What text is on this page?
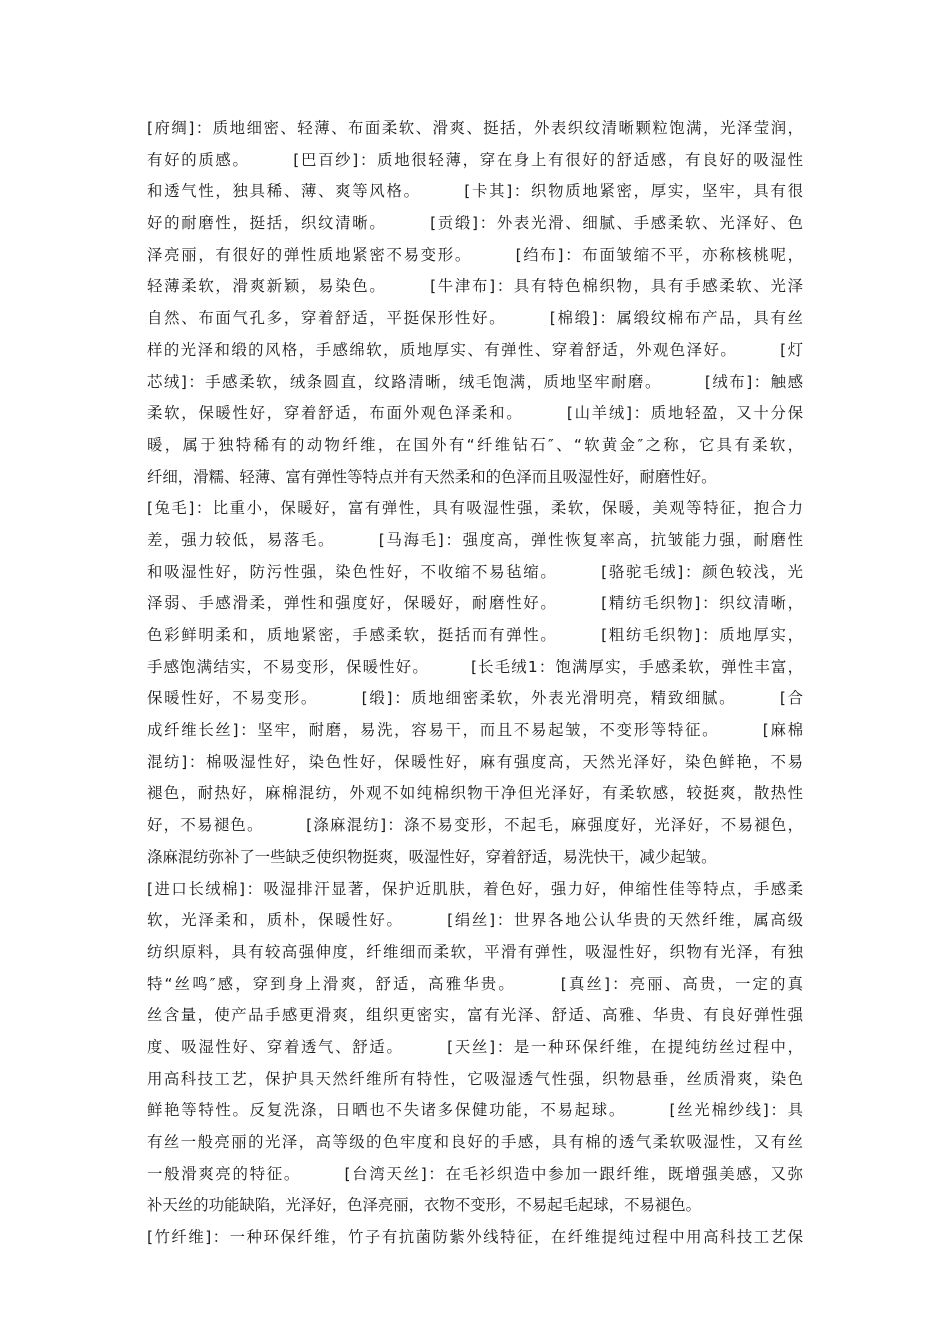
[府绸]：质地细密、轻薄、布面柔软、滑爽、挺括，外表织纹清晰颗粒饱满，光泽莹润，
有好的质感。　　　[巴百纱]：质地很轻薄，穿在身上有很好的舒适感，有良好的吸湿性
和透气性，独具稀、薄、爽等风格。　　　[卡其]：织物质地紧密，厚实，坚牢，具有很
好的耐磨性，挺括，织纹清晰。　　　[贡缎]：外表光滑、细腻、手感柔软、光泽好、色
泽亮丽，有很好的弹性质地紧密不易变形。　　　[绉布]：布面皱缩不平，亦称核桃呢，
轻薄柔软，滑爽新颖，易染色。　　　[牛津布]：具有特色棉织物，具有手感柔软、光泽
自然、布面气孔多，穿着舒适，平挺保形性好。　　　[棉缎]：属缎纹棉布产品，具有丝
样的光泽和缎的风格，手感绵软，质地厚实、有弹性、穿着舒适，外观色泽好。　　　[灯
芯绒]：手感柔软，绒条圆直，纹路清晰，绒毛饱满，质地坚牢耐磨。　　　[绒布]：触感
柔软，保暖性好，穿着舒适，布面外观色泽柔和。　　　[山羊绒]：质地轻盈，又十分保
暖，属于独特稀有的动物纤维，在国外有“纤维钻石″、“软黄金″之称，它具有柔软，
纤细，滑糯、轻薄、富有弹性等特点并有天然柔和的色泽而且吸湿性好，耐磨性好。
[兔毛]：比重小，保暖好，富有弹性，具有吸湿性强，柔软，保暖，美观等特征，抱合力
差，强力较低，易落毛。　　　[马海毛]：强度高，弹性恢复率高，抗皱能力强，耐磨性
和吸湿性好，防污性强，染色性好，不收缩不易毡缩。　　　[骆驼毛绒]：颜色较浅，光
泽弱、手感滑柔，弹性和强度好，保暖好，耐磨性好。　　　[精纺毛织物]：织纹清晰，
色彩鲜明柔和，质地紧密，手感柔软，挺括而有弹性。　　　[粗纺毛织物]：质地厚实，
手感饱满结实，不易变形，保暖性好。　　　[长毛绒1：饱满厚实，手感柔软，弹性丰富，
保暖性好，不易变形。　　　[缎]：质地细密柔软，外表光滑明亮，精致细腻。　　　[合
成纤维长丝]：坚牢，耐磨，易洗，容易干，而且不易起皱，不变形等特征。　　　[麻棉
混纺]：棉吸湿性好，染色性好，保暖性好，麻有强度高，天然光泽好，染色鲜艳，不易
褪色，耐热好，麻棉混纺，外观不如纯棉织物干净但光泽好，有柔软感，较挺爽，散热性
好，不易褪色。　　　[涤麻混纺]：涤不易变形，不起毛，麻强度好，光泽好，不易褪色，
涤麻混纺弥补了一些缺乏使织物挺爽，吸湿性好，穿着舒适，易洗快干，减少起皱。
[进口长绒棉]：吸湿排汗显著，保护近肌肤，着色好，强力好，伸缩性佳等特点，手感柔
软，光泽柔和，质朴，保暖性好。　　　[绢丝]：世界各地公认华贵的天然纤维，属高级
纺织原料，具有较高强伸度，纤维细而柔软，平滑有弹性，吸湿性好，织物有光泽，有独
特“丝鸣″感，穿到身上滑爽，舒适，高雅华贵。　　　[真丝]：亮丽、高贵，一定的真
丝含量，使产品手感更滑爽，组织更密实，富有光泽、舒适、高雅、华贵、有良好弹性强
度、吸湿性好、穿着透气、舒适。　　　[天丝]：是一种环保纤维，在提纯纺丝过程中，
用高科技工艺，保护具天然纤维所有特性，它吸湿透气性强，织物悬垂，丝质滑爽，染色
鲜艳等特性。反复洗涤，日晒也不失诸多保健功能，不易起球。　　　[丝光棉纱线]：具
有丝一般亮丽的光泽，高等级的色牢度和良好的手感，具有棉的透气柔软吸湿性，又有丝
一般滑爽亮的特征。　　　[台湾天丝]：在毛衫织造中参加一跟纤维，既增强美感，又弥
补天丝的功能缺陷，光泽好，色泽亮丽，衣物不变形，不易起毛起球，不易褪色。
[竹纤维]：一种环保纤维，竹子有抗菌防紫外线特征，在纤维提纯过程中用高科技工艺保
